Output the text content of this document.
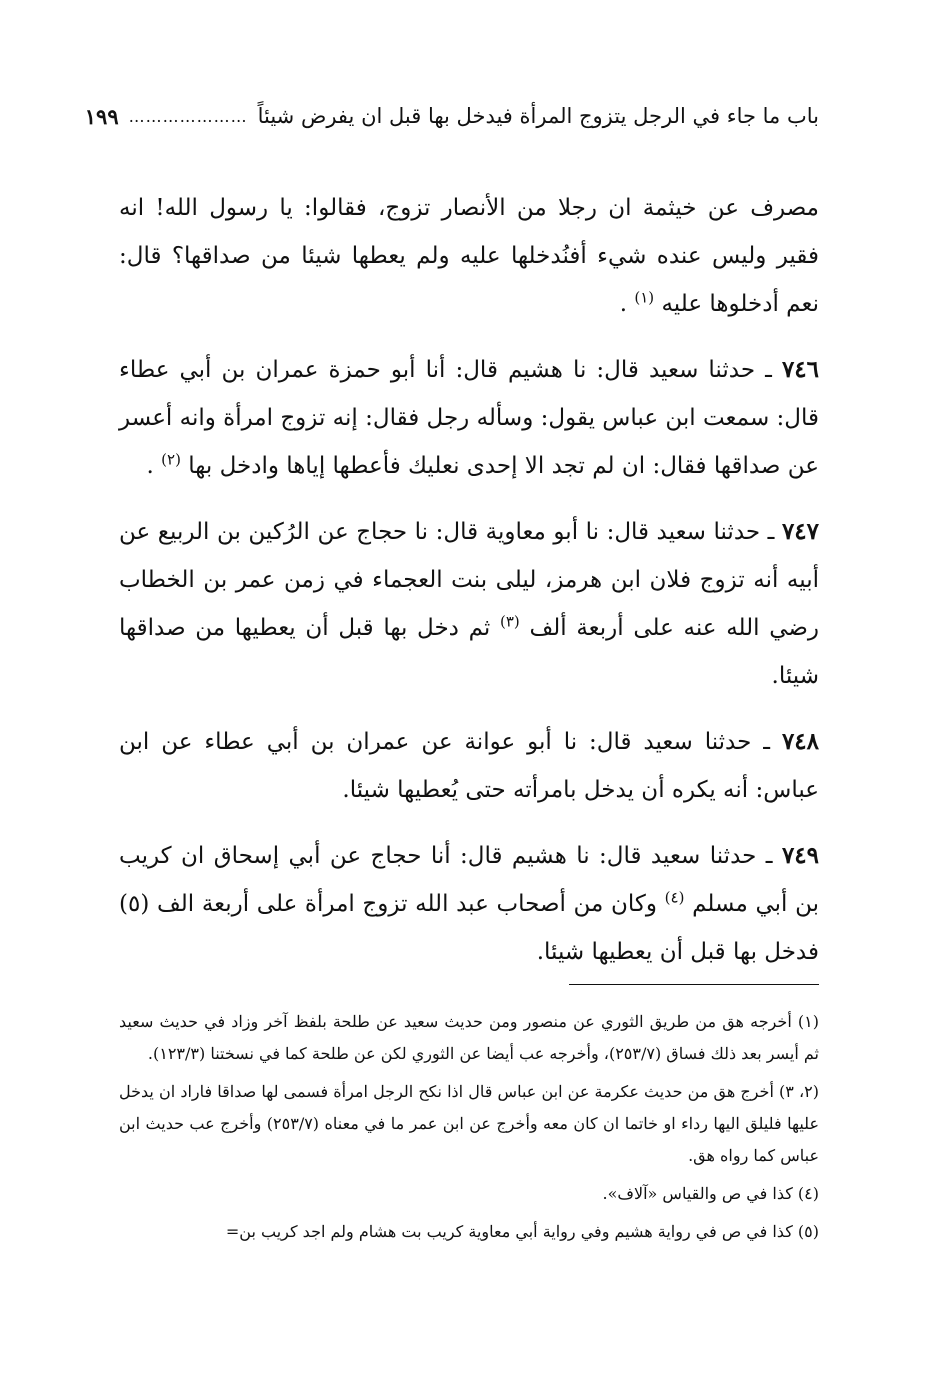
باب ما جاء في الرجل يتزوج المرأة فيدخل بها قبل ان يفرض شيئاً
…………………
١٩٩

مصرف عن خيثمة ان رجلا من الأنصار تزوج، فقالوا: يا رسول الله! انه فقير وليس عنده شيء أفنُدخلها عليه ولم يعطها شيئا من صداقها؟ قال: نعم أدخلوها عليه $^{(١)}$ .

٧٤٦ ـ حدثنا سعيد قال: نا هشيم قال: أنا أبو حمزة عمران بن أبي عطاء قال: سمعت ابن عباس يقول: وسأله رجل فقال: إنه تزوج امرأة وانه أعسر عن صداقها فقال: ان لم تجد الا إحدى نعليك فأعطها إياها وادخل بها $^{(٢)}$ .

٧٤٧ ـ حدثنا سعيد قال: نا أبو معاوية قال: نا حجاج عن الرُكين بن الربيع عن أبيه أنه تزوج فلان ابن هرمز، ليلى بنت العجماء في زمن عمر بن الخطاب رضي الله عنه على أربعة ألف $^{(٣)}$ ثم دخل بها قبل أن يعطيها من صداقها شيئا.

٧٤٨ ـ حدثنا سعيد قال: نا أبو عوانة عن عمران بن أبي عطاء عن ابن عباس: أنه يكره أن يدخل بامرأته حتى يُعطيها شيئا.

٧٤٩ ـ حدثنا سعيد قال: نا هشيم قال: أنا حجاج عن أبي إسحاق ان كريب بن أبي مسلم $^{(٤)}$ وكان من أصحاب عبد الله تزوج امرأة على أربعة الف (٥) فدخل بها قبل أن يعطيها شيئا.

(١) أخرجه هق من طريق الثوري عن منصور ومن حديث سعيد عن طلحة بلفظ آخر وزاد في حديث سعيد ثم أيسر بعد ذلك فساق (٢٥٣/٧)، وأخرجه عب أيضا عن الثوري لكن عن طلحة كما في نسختنا (١٢٣/٣).

(٢، ٣) أخرج هق من حديث عكرمة عن ابن عباس قال اذا نكح الرجل امرأة فسمى لها صداقا فاراد ان يدخل عليها فليلق اليها رداء او خاتما ان كان معه وأخرج عن ابن عمر ما في معناه (٢٥٣/٧) وأخرج عب حديث ابن عباس كما رواه هق.

(٤) كذا في ص والقياس «آلاف».

(٥) كذا في ص في رواية هشيم وفي رواية أبي معاوية كريب بت هشام ولم اجد كريب بن=
